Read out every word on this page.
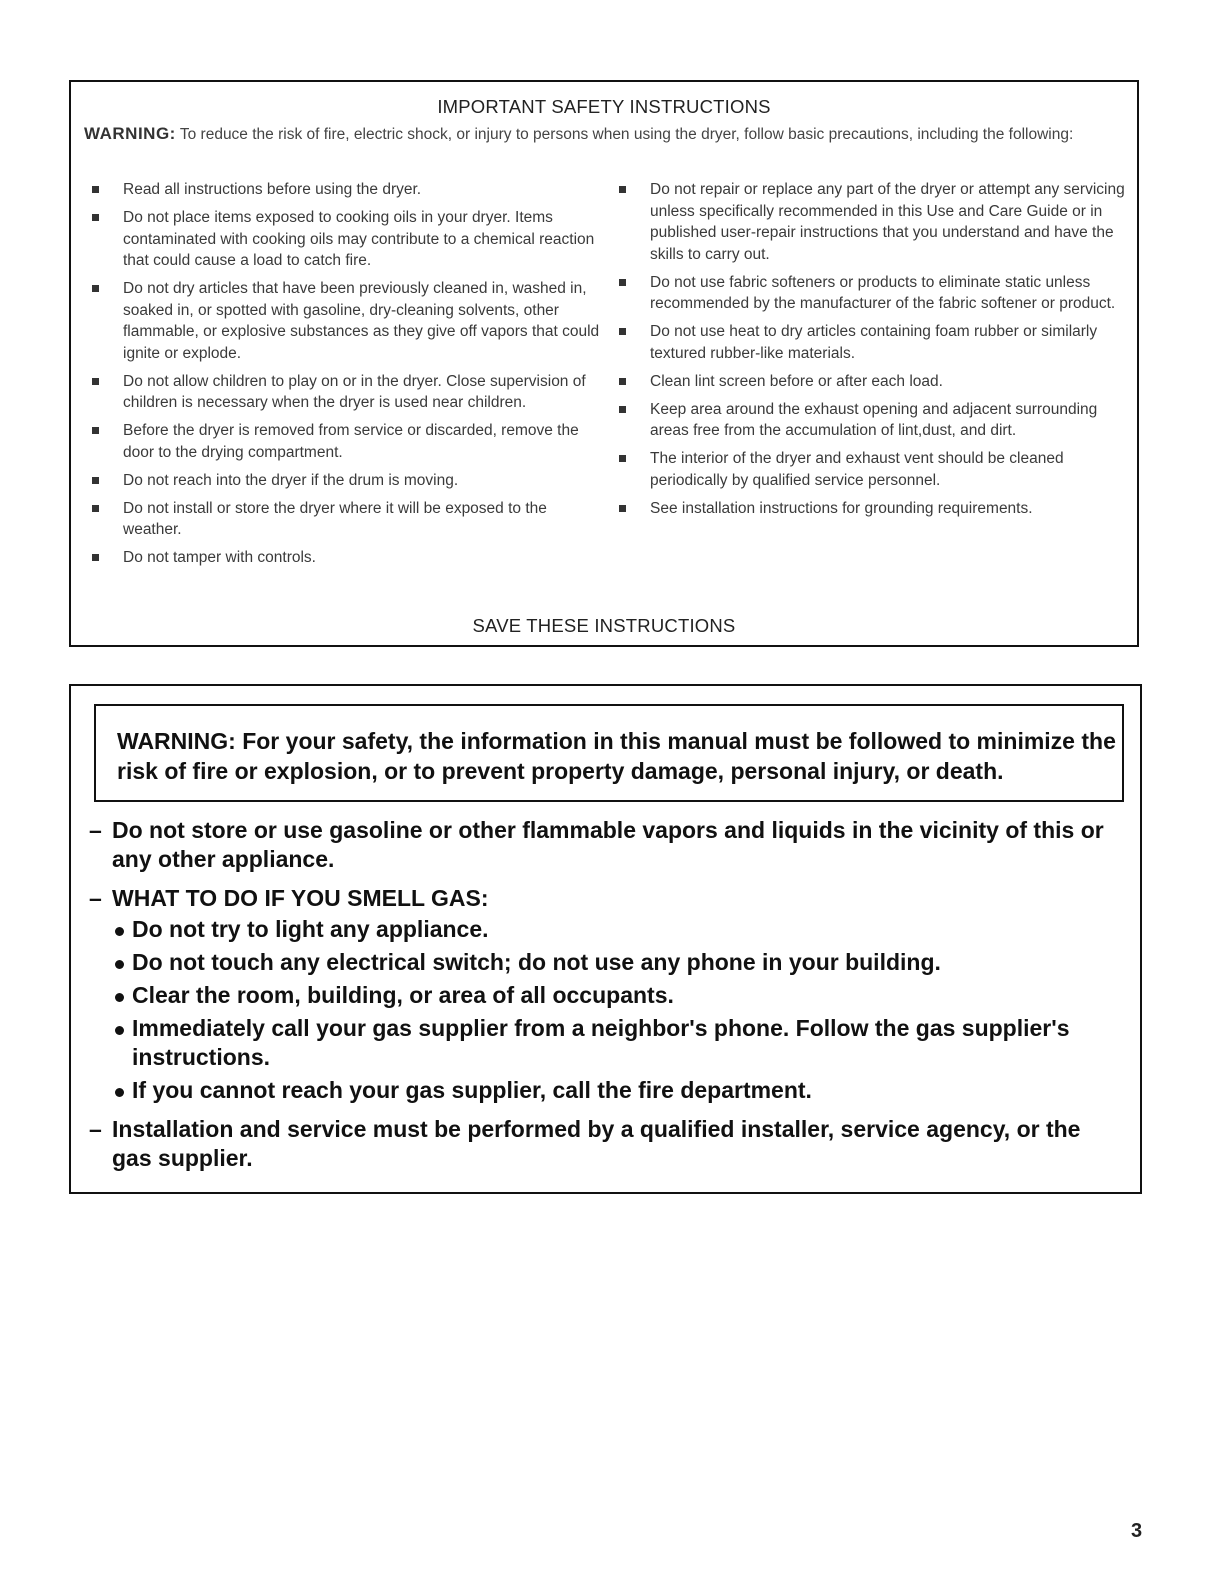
IMPORTANT SAFETY INSTRUCTIONS
WARNING: To reduce the risk of fire, electric shock, or injury to persons when using the dryer, follow basic precautions, including the following:
Read all instructions before using the dryer.
Do not place items exposed to cooking oils in your dryer. Items contaminated with cooking oils may contribute to a chemical reaction that could cause a load to catch fire.
Do not dry articles that have been previously cleaned in, washed in, soaked in, or spotted with gasoline, dry-cleaning solvents, other flammable, or explosive substances as they give off vapors that could ignite or explode.
Do not allow children to play on or in the dryer. Close supervision of children is necessary when the dryer is used near children.
Before the dryer is removed from service or discarded, remove the door to the drying compartment.
Do not reach into the dryer if the drum is moving.
Do not install or store the dryer where it will be exposed to the weather.
Do not tamper with controls.
Do not repair or replace any part of the dryer or attempt any servicing unless specifically recommended in this Use and Care Guide or in published user-repair instructions that you understand and have the skills to carry out.
Do not use fabric softeners or products to eliminate static unless recommended by the manufacturer of the fabric softener or product.
Do not use heat to dry articles containing foam rubber or similarly textured rubber-like materials.
Clean lint screen before or after each load.
Keep area around the exhaust opening and adjacent surrounding areas free from the accumulation of lint,dust, and dirt.
The interior of the dryer and exhaust vent should be cleaned periodically by qualified service personnel.
See installation instructions for grounding requirements.
SAVE THESE INSTRUCTIONS
WARNING: For your safety, the information in this manual must be followed to minimize the risk of fire or explosion, or to prevent property damage, personal injury, or death.
– Do not store or use gasoline or other flammable vapors and liquids in the vicinity of this or any other appliance.
– WHAT TO DO IF YOU SMELL GAS:
Do not try to light any appliance.
Do not touch any electrical switch; do not use any phone in your building.
Clear the room, building, or area of all occupants.
Immediately call your gas supplier from a neighbor's phone. Follow the gas supplier's instructions.
If you cannot reach your gas supplier, call the fire department.
– Installation and service must be performed by a qualified installer, service agency, or the gas supplier.
3
